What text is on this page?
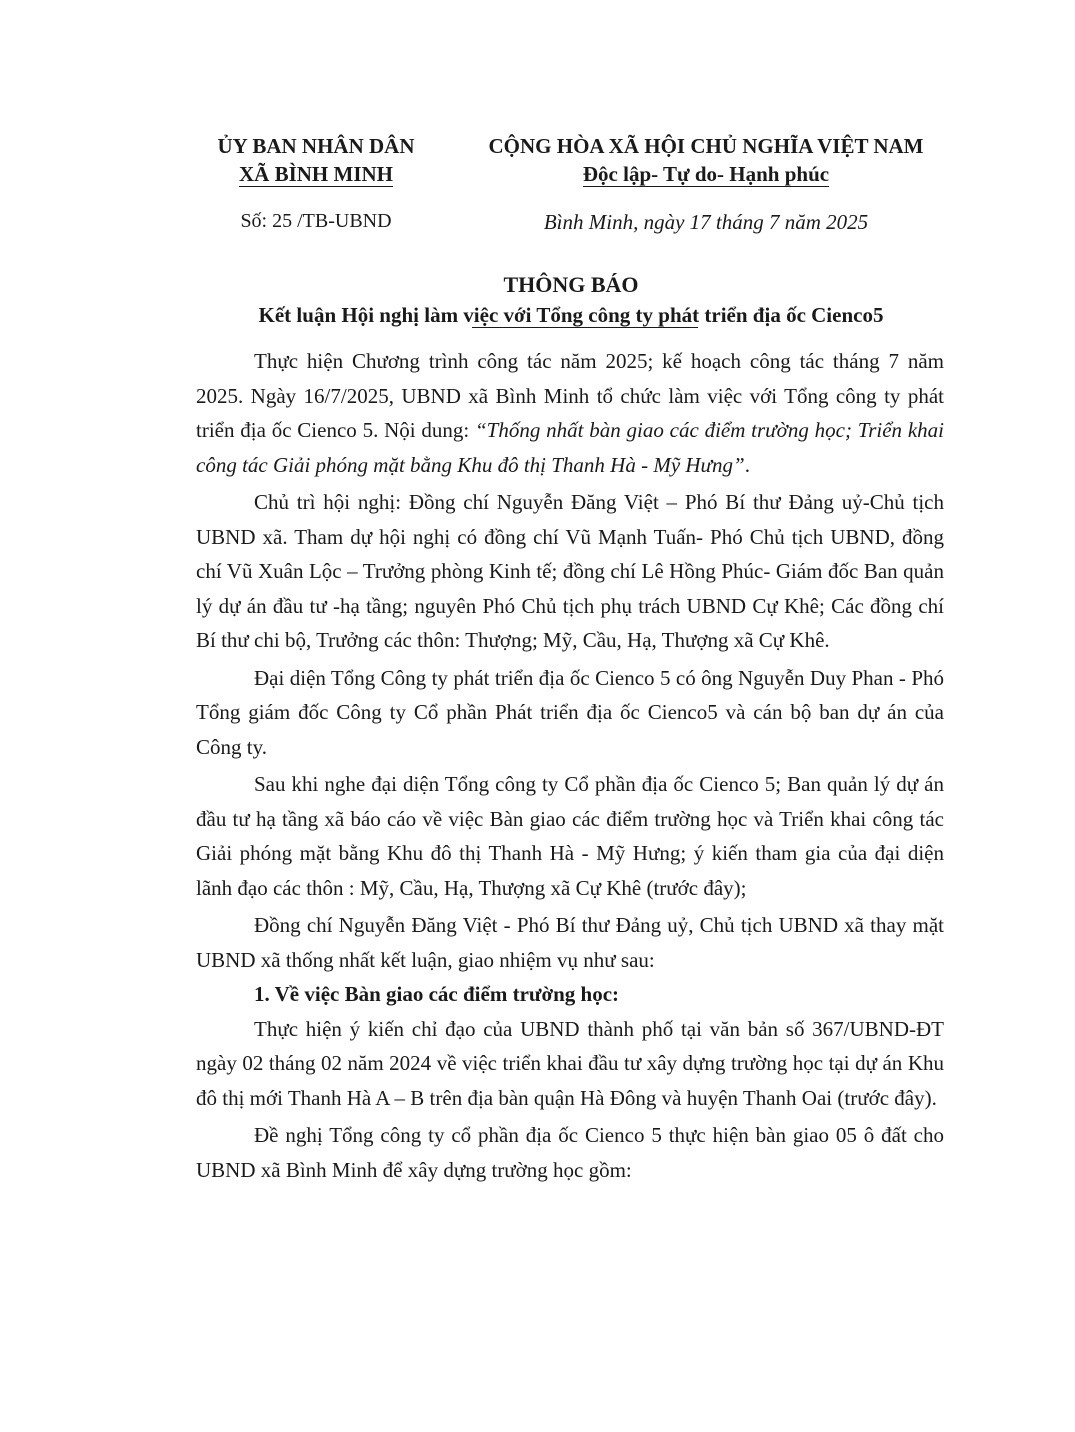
ỦY BAN NHÂN DÂN
XÃ BÌNH MINH
CỘNG HÒA XÃ HỘI CHỦ NGHĨA VIỆT NAM
Độc lập- Tự do- Hạnh phúc
Số: 25 /TB-UBND	Bình Minh, ngày 17 tháng 7 năm 2025
THÔNG BÁO
Kết luận Hội nghị làm việc với Tổng công ty phát triển địa ốc Cienco5

Thực hiện Chương trình công tác năm 2025; kế hoạch công tác tháng 7 năm 2025. Ngày 16/7/2025, UBND xã Bình Minh tổ chức làm việc với Tổng công ty phát triển địa ốc Cienco 5. Nội dung: “Thống nhất bàn giao các điểm trường học; Triển khai công tác Giải phóng mặt bằng Khu đô thị Thanh Hà - Mỹ Hưng”.

Chủ trì hội nghị: Đồng chí Nguyễn Đăng Việt – Phó Bí thư Đảng uỷ-Chủ tịch UBND xã. Tham dự hội nghị có đồng chí Vũ Mạnh Tuấn- Phó Chủ tịch UBND, đồng chí Vũ Xuân Lộc – Trưởng phòng Kinh tế; đồng chí Lê Hồng Phúc- Giám đốc Ban quản lý dự án đầu tư -hạ tầng; nguyên Phó Chủ tịch phụ trách UBND Cự Khê; Các đồng chí Bí thư chi bộ, Trưởng các thôn: Thượng; Mỹ, Cầu, Hạ, Thượng xã Cự Khê.

Đại diện Tổng Công ty phát triển địa ốc Cienco 5 có ông Nguyễn Duy Phan - Phó Tổng giám đốc Công ty Cổ phần Phát triển địa ốc Cienco5 và cán bộ ban dự án của Công ty.

Sau khi nghe đại diện Tổng công ty Cổ phần địa ốc Cienco 5; Ban quản lý dự án đầu tư hạ tầng xã báo cáo về việc Bàn giao các điểm trường học và Triển khai công tác Giải phóng mặt bằng Khu đô thị Thanh Hà - Mỹ Hưng; ý kiến tham gia của đại diện lãnh đạo các thôn : Mỹ, Cầu, Hạ, Thượng xã Cự Khê (trước đây);

Đồng chí Nguyễn Đăng Việt - Phó Bí thư Đảng uỷ, Chủ tịch UBND xã thay mặt UBND xã thống nhất kết luận, giao nhiệm vụ như sau:

1. Về việc Bàn giao các điểm trường học:

Thực hiện ý kiến chỉ đạo của UBND thành phố tại văn bản số 367/UBND-ĐT ngày 02 tháng 02 năm 2024 về việc triển khai đầu tư xây dựng trường học tại dự án Khu đô thị mới Thanh Hà A – B trên địa bàn quận Hà Đông và huyện Thanh Oai (trước đây).

Đề nghị Tổng công ty cổ phần địa ốc Cienco 5 thực hiện bàn giao 05 ô đất cho UBND xã Bình Minh để xây dựng trường học gồm:
